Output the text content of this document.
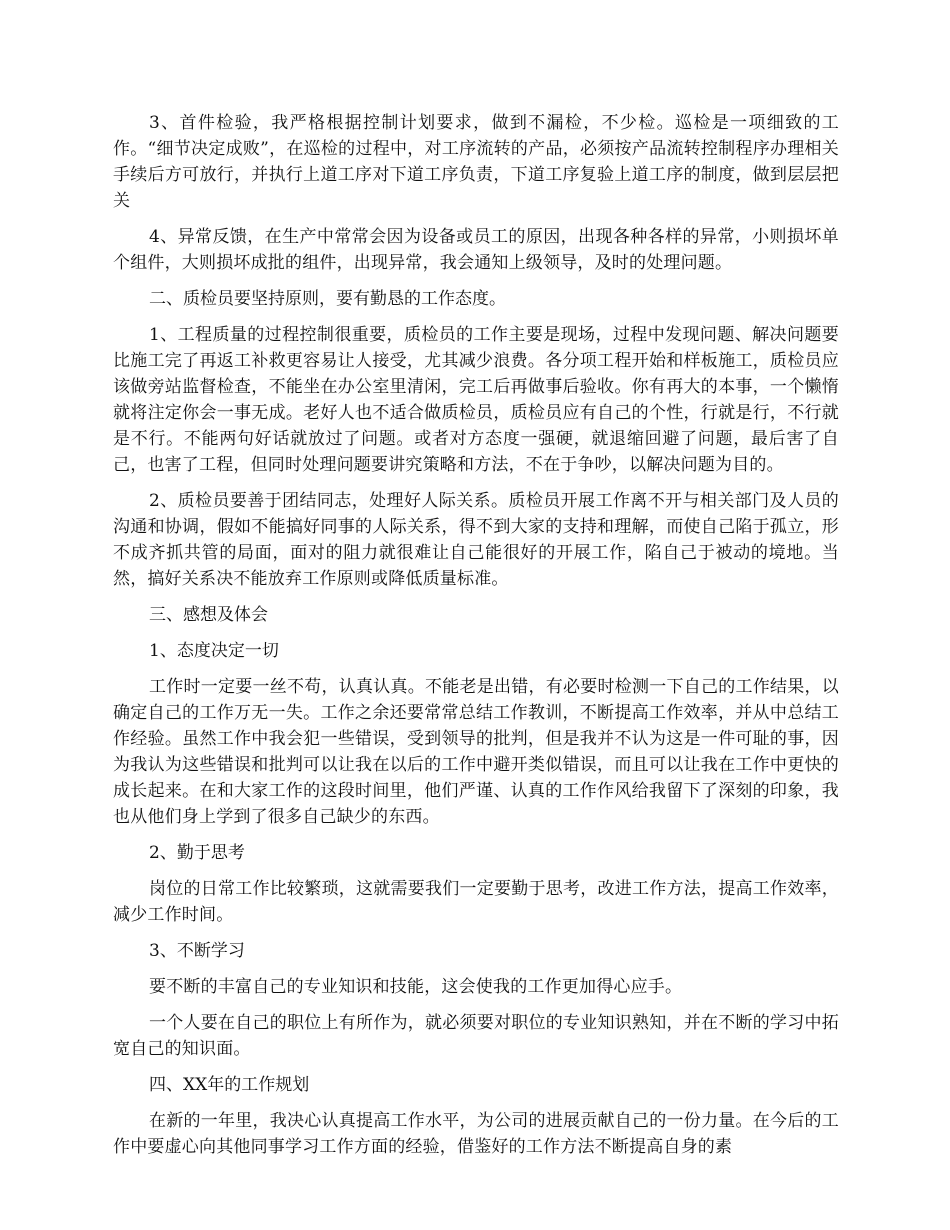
3、首件检验，我严格根据控制计划要求，做到不漏检，不少检。巡检是一项细致的工作。“细节决定成败”，在巡检的过程中，对工序流转的产品，必须按产品流转控制程序办理相关手续后方可放行，并执行上道工序对下道工序负责，下道工序复验上道工序的制度，做到层层把关

4、异常反馈，在生产中常常会因为设备或员工的原因，出现各种各样的异常，小则损坏单个组件，大则损坏成批的组件，出现异常，我会通知上级领导，及时的处理问题。

二、质检员要坚持原则，要有勤恳的工作态度。

1、工程质量的过程控制很重要，质检员的工作主要是现场，过程中发现问题、解决问题要比施工完了再返工补救更容易让人接受，尤其减少浪费。各分项工程开始和样板施工，质检员应该做旁站监督检查，不能坐在办公室里清闲，完工后再做事后验收。你有再大的本事，一个懒惰就将注定你会一事无成。老好人也不适合做质检员，质检员应有自己的个性，行就是行，不行就是不行。不能两句好话就放过了问题。或者对方态度一强硬，就退缩回避了问题，最后害了自己，也害了工程，但同时处理问题要讲究策略和方法，不在于争吵，以解决问题为目的。

2、质检员要善于团结同志，处理好人际关系。质检员开展工作离不开与相关部门及人员的沟通和协调，假如不能搞好同事的人际关系，得不到大家的支持和理解，而使自己陷于孤立，形不成齐抓共管的局面，面对的阻力就很难让自己能很好的开展工作，陷自己于被动的境地。当然，搞好关系决不能放弃工作原则或降低质量标准。

三、感想及体会

1、态度决定一切

工作时一定要一丝不苟，认真认真。不能老是出错，有必要时检测一下自己的工作结果，以确定自己的工作万无一失。工作之余还要常常总结工作教训，不断提高工作效率，并从中总结工作经验。虽然工作中我会犯一些错误，受到领导的批判，但是我并不认为这是一件可耻的事，因为我认为这些错误和批判可以让我在以后的工作中避开类似错误，而且可以让我在工作中更快的成长起来。在和大家工作的这段时间里，他们严谨、认真的工作作风给我留下了深刻的印象，我也从他们身上学到了很多自己缺少的东西。

2、勤于思考

岗位的日常工作比较繁琐，这就需要我们一定要勤于思考，改进工作方法，提高工作效率，减少工作时间。

3、不断学习

要不断的丰富自己的专业知识和技能，这会使我的工作更加得心应手。

一个人要在自己的职位上有所作为，就必须要对职位的专业知识熟知，并在不断的学习中拓宽自己的知识面。

四、XX年的工作规划

在新的一年里，我决心认真提高工作水平，为公司的进展贡献自己的一份力量。在今后的工作中要虚心向其他同事学习工作方面的经验，借鉴好的工作方法不断提高自身的素
